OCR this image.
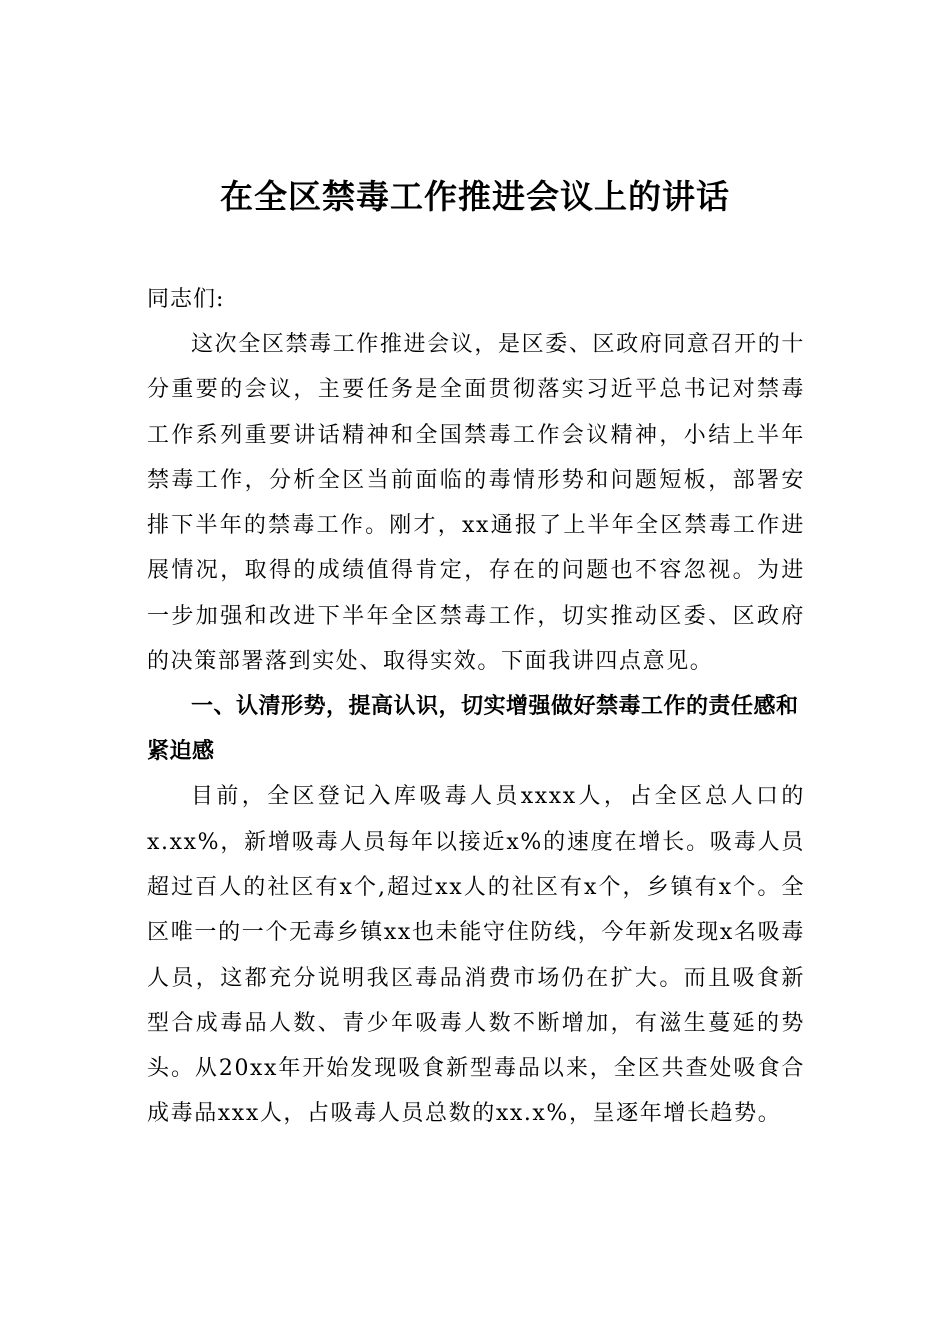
在全区禁毒工作推进会议上的讲话

同志们:

这次全区禁毒工作推进会议，是区委、区政府同意召开的十分重要的会议，主要任务是全面贯彻落实习近平总书记对禁毒工作系列重要讲话精神和全国禁毒工作会议精神，小结上半年禁毒工作，分析全区当前面临的毒情形势和问题短板，部署安排下半年的禁毒工作。刚才，xx通报了上半年全区禁毒工作进展情况，取得的成绩值得肯定，存在的问题也不容忽视。为进一步加强和改进下半年全区禁毒工作，切实推动区委、区政府的决策部署落到实处、取得实效。下面我讲四点意见。

一、认清形势，提高认识，切实增强做好禁毒工作的责任感和紧迫感

目前，全区登记入库吸毒人员xxxx人，占全区总人口的x.xx%，新增吸毒人员每年以接近x%的速度在增长。吸毒人员超过百人的社区有x个,超过xx人的社区有x个，乡镇有x个。全区唯一的一个无毒乡镇xx也未能守住防线，今年新发现x名吸毒人员，这都充分说明我区毒品消费市场仍在扩大。而且吸食新型合成毒品人数、青少年吸毒人数不断增加，有滋生蔓延的势头。从20xx年开始发现吸食新型毒品以来，全区共查处吸食合成毒品xxx人，占吸毒人员总数的xx.x%，呈逐年增长趋势。
